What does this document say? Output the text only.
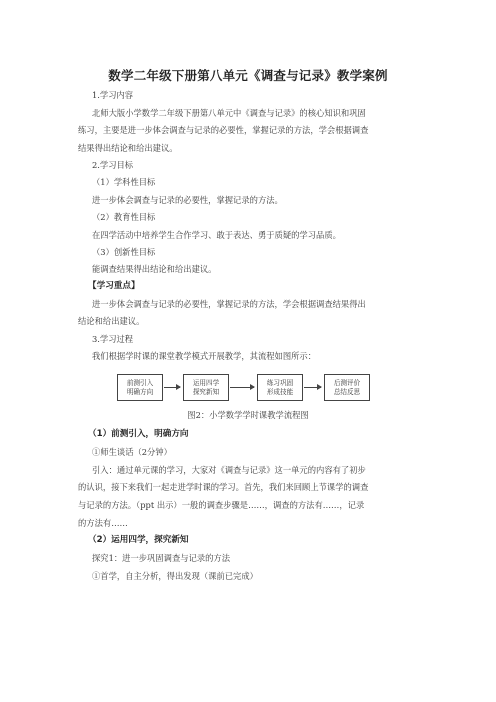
数学二年级下册第八单元《调查与记录》教学案例
1.学习内容
北师大版小学数学二年级下册第八单元中《调查与记录》的核心知识和巩固
练习，主要是进一步体会调查与记录的必要性，掌握记录的方法，学会根据调查
结果得出结论和给出建议。
2.学习目标
（1）学科性目标
进一步体会调查与记录的必要性，掌握记录的方法。
（2）教育性目标
在四学活动中培养学生合作学习、敢于表达、勇于质疑的学习品质。
（3）创新性目标
能调查结果得出结论和给出建议。
【学习重点】
进一步体会调查与记录的必要性，掌握记录的方法，学会根据调查结果得出
结论和给出建议。
3.学习过程
我们根据学时课的课堂教学模式开展教学，其流程如图所示：
前测引入
明确方向
运用四学
探究新知
练习巩固
形成技能
后测评价
总结反思
图2：小学数学学时课教学流程图
（1）前测引入，明确方向
①师生谈话（2分钟）
引入：通过单元课的学习，大家对《调查与记录》这一单元的内容有了初步
的认识，接下来我们一起走进学时课的学习。首先，我们来回顾上节课学的调查
与记录的方法。（ppt 出示）一般的调查步骤是……，调查的方法有……，记录
的方法有……
（2）运用四学，探究新知
探究1：进一步巩固调查与记录的方法
①首学，自主分析，得出发现（课前已完成）
